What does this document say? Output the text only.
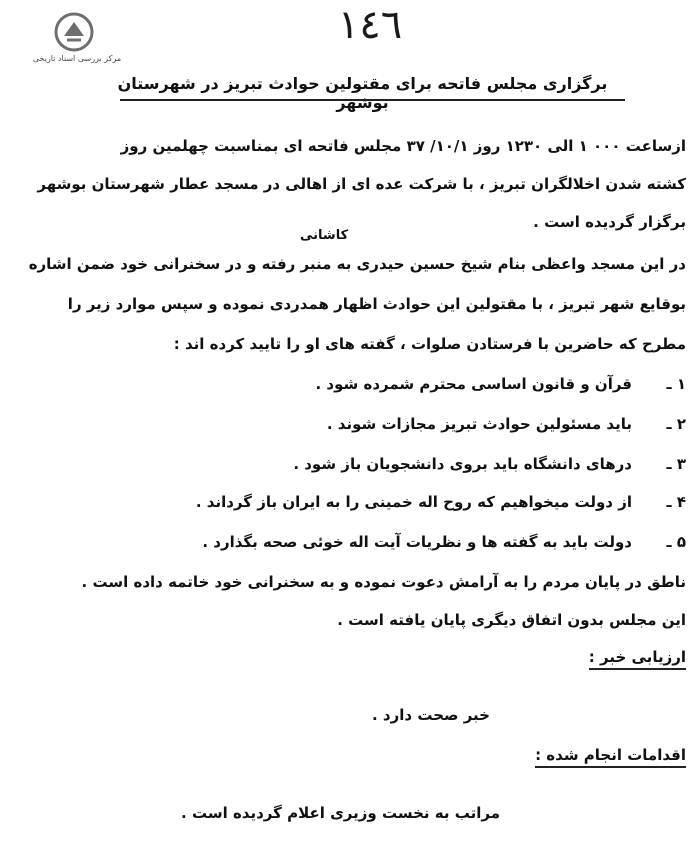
مرکز بررسی اسناد تاریخی
١٤٦
برگزاری مجلس فاتحه برای مقتولین حوادث تبریز در شهرستان بوشهر
ازساعت ۰۰۰ ۱ الی ۱۲۳۰ روز ۱۰/۱/ ۳۷ مجلس فاتحه ای بمناسبت چهلمین روز
کشته شدن اخلالگران تبریز ، با شرکت عده ای از اهالی در مسجد عطار شهرستان بوشهر
برگزار گردیده است .
کاشانی
در این مسجد واعظی بنام شیخ حسین حیدری به منبر رفته و در سخنرانی خود ضمن اشاره
بوقایع شهر تبریز ، با مقتولین این حوادث اظهار همدردی نموده و سپس موارد زیر را
مطرح که حاضرین با فرستادن صلوات ، گفته های او را تایید کرده اند :
۱ ـقرآن و قانون اساسی محترم شمرده شود .
۲ ـباید مسئولین حوادث تبریز مجازات شوند .
۳ ـدرهای دانشگاه باید بروی دانشجویان باز شود .
۴ ـاز دولت میخواهیم که روح اله خمینی را به ایران باز گرداند .
۵ ـدولت باید به گفته ها و نظریات آیت اله خوئی صحه بگذارد .
ناطق در پایان مردم را به آرامش دعوت نموده و به سخنرانی خود خاتمه داده است .
این مجلس بدون اتفاق دیگری پایان یافته است .
ارزیابی خبر :
خبر صحت دارد .
اقدامات انجام شده :
مراتب به نخست وزیری اعلام گردیده است .
